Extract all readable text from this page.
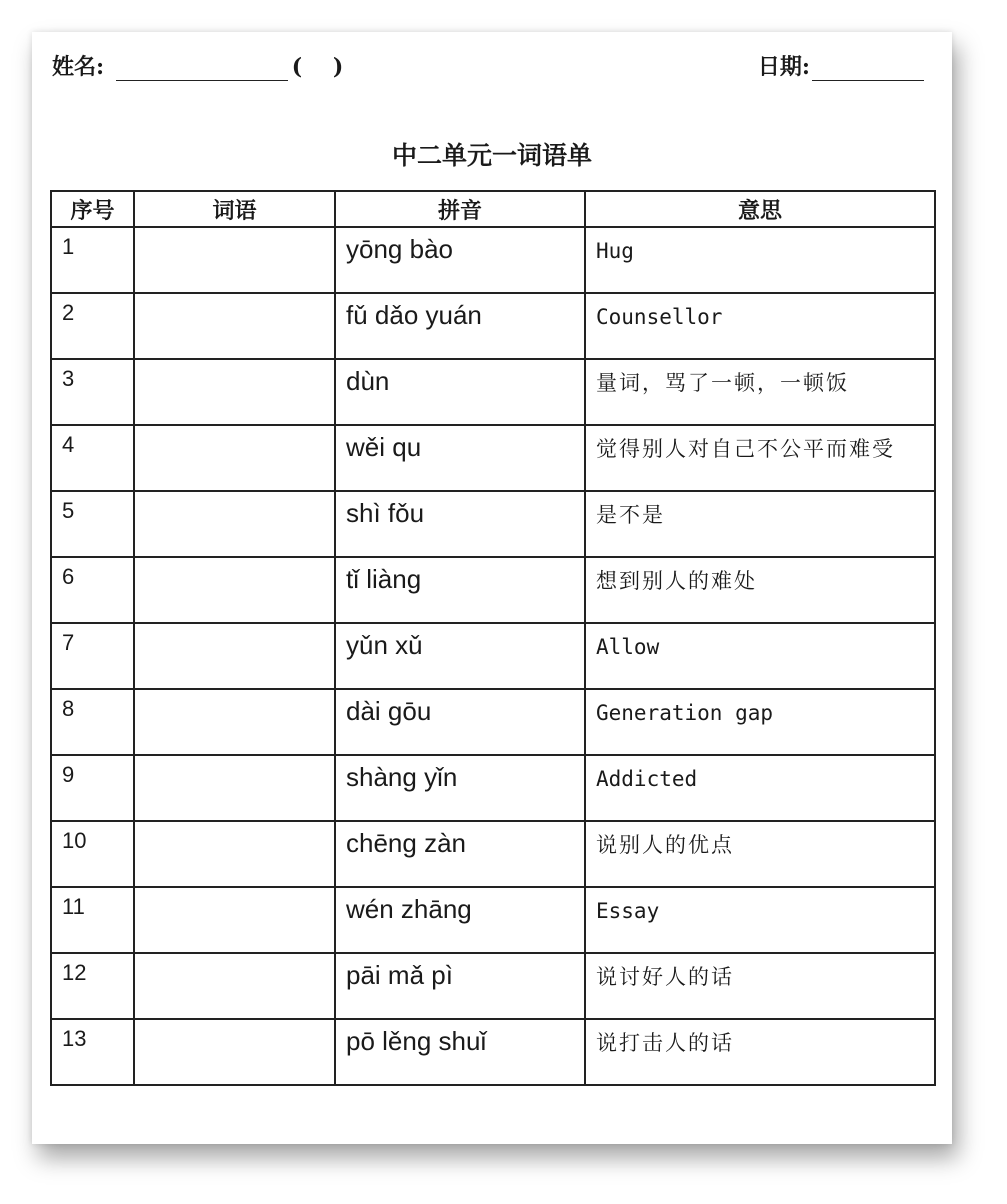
姓名:	(    )	日期:
中二单元一词语单
序号	词语	拼音	意思
1		yōng bào	Hug
2		fǔ dǎo yuán	Counsellor
3		dùn	量词，骂了一顿，一顿饭
4		wěi qu	觉得别人对自己不公平而难受
5		shì fǒu	是不是
6		tǐ liàng	想到别人的难处
7		yǔn xǔ	Allow
8		dài gōu	Generation gap
9		shàng yǐn	Addicted
10		chēng zàn	说别人的优点
11		wén zhāng	Essay
12		pāi mǎ pì	说讨好人的话
13		pō lěng shuǐ	说打击人的话
